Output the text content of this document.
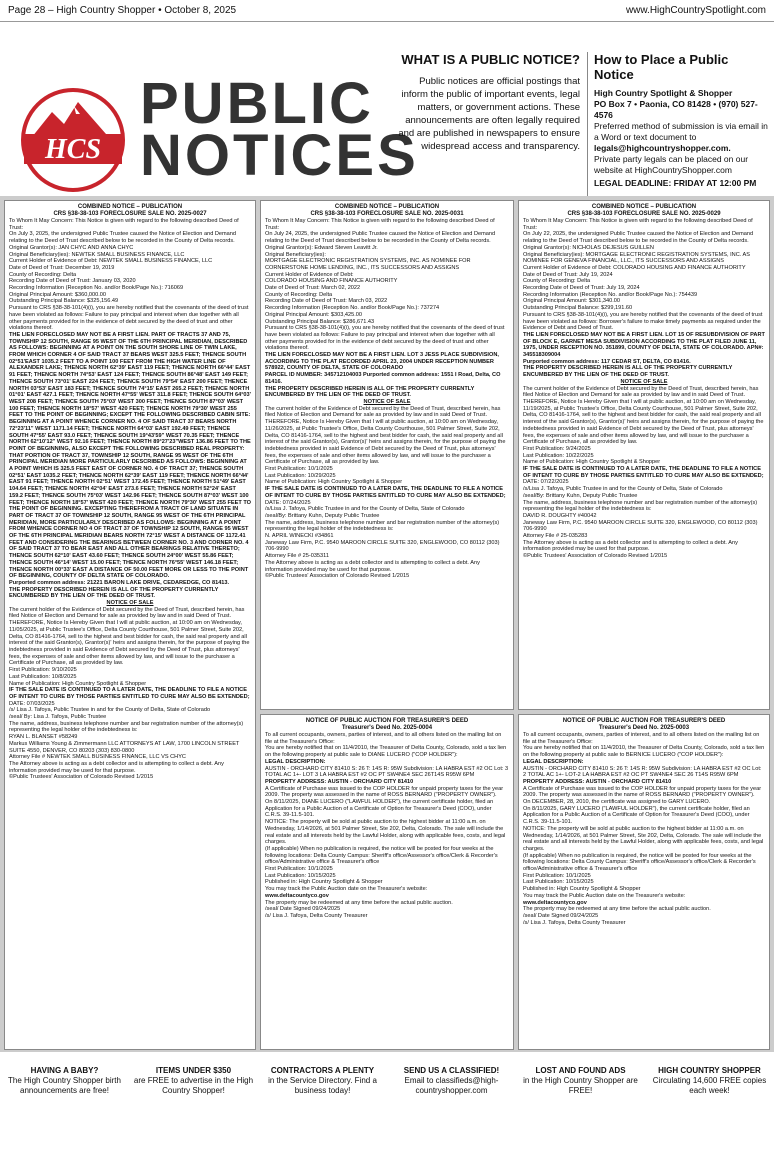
Page 28 – High Country Shopper • October 8, 2025	www.HighCountrySpotlight.com
HCS
PUBLIC
NOTICES
WHAT IS A PUBLIC NOTICE?

Public notices are official postings that inform the public of important events, legal matters, or government actions. These announcements are often legally required and are published in newspapers to ensure widespread access and transparency.

How to Place a Public Notice

High Country Spotlight & Shopper

PO Box 7 • Paonia, CO 81428 • (970) 527-4576

Preferred method of submission is via email in a Word or text document to

legals@highcountryshopper.com.

Private party legals can be placed on our website at HighCountryShopper.com

LEGAL DEADLINE: FRIDAY AT 12:00 PM

COMBINED NOTICE – PUBLICATION

CRS §38-38-103 FORECLOSURE SALE NO. 2025-0027

To Whom It May Concern: This Notice is given with regard to the following described Deed of Trust:

On July 3, 2025, the undersigned Public Trustee caused the Notice of Election and Demand relating to the Deed of Trust described below to be recorded in the County of Delta records.

Original Grantor(s): JAN CHYC AND ANNA CHYC

Original Beneficiary(ies): NEWTEK SMALL BUSINESS FINANCE, LLC

Current Holder of Evidence of Debt: NEWTEK SMALL BUSINESS FINANCE, LLC

Date of Deed of Trust: December 19, 2019

County of Recording: Delta

Recording Date of Deed of Trust: January 03, 2020

Recording Information (Reception No. and/or Book/Page No.): 716069

Original Principal Amount: $360,000.00

Outstanding Principal Balance: $325,156.49

Pursuant to CRS §38-38-101(4)(i), you are hereby notified that the covenants of the deed of trust have been violated as follows: Failure to pay principal and interest when due together with all other payments provided for in the evidence of debt secured by the deed of trust and other violations thereof.

THE LIEN FORECLOSED MAY NOT BE A FIRST LIEN. PART OF TRACTS 37 AND 75, TOWNSHIP 12 SOUTH, RANGE 95 WEST OF THE 6TH PRINCIPAL MERIDIAN, DESCRIBED AS FOLLOWS: BEGINNING AT A POINT ON THE SOUTH SHORE LINE OF TWIN LAKE, FROM WHICH CORNER 4 OF SAID TRACT 37 BEARS WEST 325.5 FEET; THENCE SOUTH 02°51'EAST 1035.2 FEET TO A POINT 100 FEET FROM THE HIGH WATER LINE OF ALEXANDER LAKE; THENCE NORTH 62°39' EAST 119 FEET; THENCE NORTH 66°44' EAST 91 FEET; THENCE NORTH 74°53' EAST 124 FEET; THENCE SOUTH 86°48' EAST 149 FEET; THENCE SOUTH 73°01' EAST 224 FEET; THENCE SOUTH 79°54' EAST 200 FEET; THENCE NORTH 03°53' EAST 183 FEET; THENCE SOUTH 74°15' EAST 265.2 FEET; THENCE NORTH 01°01' EAST 427.1 FEET; THENCE NORTH 47°55' WEST 311.8 FEET; THENCE SOUTH 64°03' WEST 208 FEET; THENCE SOUTH 75°03' WEST 300 FEET; THENCE SOUTH 87°03' WEST 100 FEET; THENCE NORTH 18°57' WEST 420 FEET; THENCE NORTH 79°30' WEST 255 FEET TO THE POINT OF BEGINNING; EXCEPT THE FOLLOWING DESCRIBED CABIN SITE: BEGINNING AT A POINT WHENCE CORNER NO. 4 OF SAID TRACT 37 BEARS NORTH 72°23'11" WEST 1171.14 FEET; THENCE NORTH 64°03' EAST 192.49 FEET; THENCE SOUTH 47°55' EAST 93.0 FEET; THENCE SOUTH 19°43'59" WEST 70.35 FEET; THENCE NORTH 62°10'12" WEST 92.16 FEET; THENCE NORTH 89°27'23"WEST 136.86 FEET TO THE POINT OF BEGINNING, ALSO EXCEPT THE FOLLOWING DESCRIBED REAL PROPERTY: THAT PORTION OF TRACT 37, TOWNSHIP 12 SOUTH, RANGE 95 WEST OF THE 6TH PRINCIPAL MERIDIAN MORE PARTICULARLY DESCRIBED AS FOLLOWS: BEGINNING AT A POINT WHICH IS 325.5 FEET EAST OF CORNER NO. 4 OF TRACT 37; THENCE SOUTH 02°51' EAST 1035.2 FEET; THENCE NORTH 62°39' EAST 119 FEET; THENCE NORTH 66°44' EAST 91 FEET; THENCE NORTH 02°51' WEST 172.45 FEET; THENCE NORTH 51°49' EAST 104.64 FEET; THENCE NORTH 42°04' EAST 273.6 FEET; THENCE NORTH 52°24' EAST 159.2 FEET; THENCE SOUTH 75°03' WEST 142.96 FEET; THENCE SOUTH 87°03' WEST 100 FEET; THENCE NORTH 18°57' WEST 420 FEET; THENCE NORTH 79°30' WEST 255 FEET TO THE POINT OF BEGINNING. EXCEPTING THEREFROM A TRACT OF LAND SITUATE IN PART OF TRACT 37 OF TOWNSHIP 12 SOUTH, RANGE 95 WEST OF THE 6TH PRINCIPAL MERIDIAN, MORE PARTICULARLY DESCRIBED AS FOLLOWS: BEGINNING AT A POINT FROM WHENCE CORNER NO 4 OF TRACT 37 OF TOWNSHIP 12 SOUTH, RANGE 95 WEST OF THE 6TH PRINCIPAL MERIDIAN BEARS NORTH 72°15' WEST A DISTANCE OF 1172.41 FEET AND CONSIDERING THE BEARINGS BETWEEN CORNER NO. 3 AND CORNER NO. 4 OF SAID TRACT 37 TO BEAR EAST AND ALL OTHER BEARINGS RELATIVE THERETO; THENCE SOUTH 62°10' EAST 43.60 FEET; THENCE SOUTH 24°00' WEST 55.86 FEET; THENCE SOUTH 46°14' WEST 15.00 FEET; THENCE NORTH 76°55' WEST 146.18 FEET; THENCE NORTH 00°33' EAST A DISTANCE OF 50.00 FEET MORE OR LESS TO THE POINT OF BEGINNING, COUNTY OF DELTA STATE OF COLORADO.

Purported common address: 21221 BARON LAKE DRIVE, CEDAREDGE, CO 81413.

THE PROPERTY DESCRIBED HEREIN IS ALL OF THE PROPERTY CURRENTLY ENCUMBERED BY THE LIEN OF THE DEED OF TRUST.

NOTICE OF SALE

The current holder of the Evidence of Debt secured by the Deed of Trust, described herein, has filed Notice of Election and Demand for sale as provided by law and in said Deed of Trust.

THEREFORE, Notice Is Hereby Given that I will at public auction, at 10:00 am on Wednesday, 11/05/2025, at Public Trustee's Office, Delta County Courthouse, 501 Palmer Street, Suite 202, Delta, CO 81416-1764, sell to the highest and best bidder for cash, the said real property and all interest of the said Grantor(s), Grantor(s)' heirs and assigns therein, for the purpose of paying the indebtedness provided in said Evidence of Debt secured by the Deed of Trust, plus attorneys' fees, the expenses of sale and other items allowed by law, and will issue to the purchaser a Certificate of Purchase, all as provided by law.

First Publication: 9/10/2025

Last Publication: 10/8/2025

Name of Publication: High Country Spotlight & Shopper

IF THE SALE DATE IS CONTINUED TO A LATER DATE, THE DEADLINE TO FILE A NOTICE OF INTENT TO CURE BY THOSE PARTIES ENTITLED TO CURE MAY ALSO BE EXTENDED;

DATE: 07/03/2025

/s/ Lisa J. Tafoya, Public Trustee in and for the County of Delta, State of Colorado

/seal/ By: Lisa J. Tafoya, Public Trustee

The name, address, business telephone number and bar registration number of the attorney(s) representing the legal holder of the indebtedness is:

RYAN L. BLANSET #58249

Markus Williams Young & Zimmermann LLC ATTORNEYS AT LAW, 1700 LINCOLN STREET SUITE 4550, DENVER, CO 80203 (303) 830-0800

Attorney File # NEWTEK SMALL BUSINESS FINANCE, LLC VS CHYC

The Attorney above is acting as a debt collector and is attempting to collect a debt. Any information provided may be used for that purpose.

©Public Trustees' Association of Colorado Revised 1/2015

COMBINED NOTICE – PUBLICATION

CRS §38-38-103 FORECLOSURE SALE NO. 2025-0031

To Whom It May Concern: This Notice is given with regard to the following described Deed of Trust:

On July 24, 2025, the undersigned Public Trustee caused the Notice of Election and Demand relating to the Deed of Trust described below to be recorded in the County of Delta records.

Original Grantor(s): Edward Steven Leavitt Jr.

Original Beneficiary(ies):

MORTGAGE ELECTRONIC REGISTRATION SYSTEMS, INC. AS NOMINEE FOR CORNERSTONE HOME LENDING, INC., ITS SUCCESSORS AND ASSIGNS

Current Holder of Evidence of Debt:

COLORADO HOUSING AND FINANCE AUTHORITY

Date of Deed of Trust: March 02, 2022

County of Recording: Delta

Recording Date of Deed of Trust: March 03, 2022

Recording Information (Reception No. and/or Book/Page No.): 737274

Original Principal Amount: $303,425.00

Outstanding Principal Balance: $286,671.43

Pursuant to CRS §38-38-101(4)(i), you are hereby notified that the covenants of the deed of trust have been violated as follows: Failure to pay principal and interest when due together with all other payments provided for in the evidence of debt secured by the deed of trust and other violations thereof.

THE LIEN FORECLOSED MAY NOT BE A FIRST LIEN. LOT 3 JESS PLACE SUBDIVISION, ACCORDING TO THE PLAT RECORDED APRIL 23, 2004 UNDER RECEPTION NUMBER 578922, COUNTY OF DELTA, STATE OF COLORADO

PARCEL ID NUMBER: 345712104003 Purported common address: 1551 I Road, Delta, CO 81416.

THE PROPERTY DESCRIBED HEREIN IS ALL OF THE PROPERTY CURRENTLY ENCUMBERED BY THE LIEN OF THE DEED OF TRUST.

NOTICE OF SALE

The current holder of the Evidence of Debt secured by the Deed of Trust, described herein, has filed Notice of Election and Demand for sale as provided by law and in said Deed of Trust.

THEREFORE, Notice Is Hereby Given that I will at public auction, at 10:00 am on Wednesday, 11/26/2025, at Public Trustee's Office, Delta County Courthouse, 501 Palmer Street, Suite 202, Delta, CO 81416-1764, sell to the highest and best bidder for cash, the said real property and all interest of the said Grantor(s), Grantor(s)' heirs and assigns therein, for the purpose of paying the indebtedness provided in said Evidence of Debt secured by the Deed of Trust, plus attorneys' fees, the expenses of sale and other items allowed by law, and will issue to the purchaser a Certificate of Purchase, all as provided by law.

First Publication: 10/1/2025

Last Publication: 10/29/2025

Name of Publication: High Country Spotlight & Shopper

IF THE SALE DATE IS CONTINUED TO A LATER DATE, THE DEADLINE TO FILE A NOTICE OF INTENT TO CURE BY THOSE PARTIES ENTITLED TO CURE MAY ALSO BE EXTENDED;

DATE: 07/24/2025

/s/Lisa J. Tafoya, Public Trustee in and for the County of Delta, State of Colorado

/seal/By: Brittany Kuhn, Deputy Public Trustee

The name, address, business telephone number and bar registration number of the attorney(s) representing the legal holder of the indebtedness is:

N. APRIL WINECKI #34861

Janeway Law Firm, P.C. 9540 MAROON CIRCLE SUITE 320, ENGLEWOOD, CO 80112 (303) 706-9990

Attorney File # 25-035311

The Attorney above is acting as a debt collector and is attempting to collect a debt. Any information provided may be used for that purpose.

©Public Trustees' Association of Colorado Revised 1/2015

COMBINED NOTICE – PUBLICATION

CRS §38-38-103 FORECLOSURE SALE NO. 2025-0029

To Whom It May Concern: This Notice is given with regard to the following described Deed of Trust:

On July 22, 2025, the undersigned Public Trustee caused the Notice of Election and Demand relating to the Deed of Trust described below to be recorded in the County of Delta records.

Original Grantor(s): NICHOLAS DEJESUS GUILLEN

Original Beneficiary(ies): MORTGAGE ELECTRONIC REGISTRATION SYSTEMS, INC. AS NOMINEE FOR GENEVA FINANCIAL, LLC., ITS SUCCESSORS AND ASSIGNS

Current Holder of Evidence of Debt: COLORADO HOUSING AND FINANCE AUTHORITY

Date of Deed of Trust: July 19, 2024

County of Recording: Delta

Recording Date of Deed of Trust: July 19, 2024

Recording Information (Reception No. and/or Book/Page No.): 754439

Original Principal Amount: $301,340.00

Outstanding Principal Balance: $299,191.60

Pursuant to CRS §38-38-101(4)(i), you are hereby notified that the covenants of the deed of trust have been violated as follows: Borrower's failure to make timely payments as required under the Evidence of Debt and Deed of Trust.

THE LIEN FORECLOSED MAY NOT BE A FIRST LIEN. LOT 15 OF RESUBDIVISION OF PART OF BLOCK E, GARNET MESA SUBDIVISION ACCORDING TO THE PLAT FILED JUNE 11, 1975, UNDER RECEPTION NO. 351899, COUNTY OF DELTA, STATE OF COLORADO. APN#: 345518309004

Purported common address: 117 CEDAR ST, DELTA, CO 81416.

THE PROPERTY DESCRIBED HEREIN IS ALL OF THE PROPERTY CURRENTLY ENCUMBERED BY THE LIEN OF THE DEED OF TRUST.

NOTICE OF SALE

The current holder of the Evidence of Debt secured by the Deed of Trust, described herein, has filed Notice of Election and Demand for sale as provided by law and in said Deed of Trust.

THEREFORE, Notice Is Hereby Given that I will at public auction, at 10:00 am on Wednesday, 11/19/2025, at Public Trustee's Office, Delta County Courthouse, 501 Palmer Street, Suite 202, Delta, CO 81416-1764, sell to the highest and best bidder for cash, the said real property and all interest of the said Grantor(s), Grantor(s)' heirs and assigns therein, for the purpose of paying the indebtedness provided in said Evidence of Debt secured by the Deed of Trust, plus attorneys' fees, the expenses of sale and other items allowed by law, and will issue to the purchaser a Certificate of Purchase, all as provided by law.

First Publication: 9/24/2025

Last Publication: 10/22/2025

Name of Publication: High Country Spotlight & Shopper

IF THE SALE DATE IS CONTINUED TO A LATER DATE, THE DEADLINE TO FILE A NOTICE OF INTENT TO CURE BY THOSE PARTIES ENTITLED TO CURE MAY ALSO BE EXTENDED;

DATE: 07/22/2025

/s/Lisa J. Tafoya, Public Trustee in and for the County of Delta, State of Colorado

/seal/By: Brittany Kuhn, Deputy Public Trustee

The name, address, business telephone number and bar registration number of the attorney(s) representing the legal holder of the indebtedness is:

DAVID R. DOUGHTY #40042

Janeway Law Firm, P.C. 9540 MAROON CIRCLE SUITE 320, ENGLEWOOD, CO 80112 (303) 706-9990

Attorney File # 25-035283

The Attorney above is acting as a debt collector and is attempting to collect a debt. Any information provided may be used for that purpose.

©Public Trustees' Association of Colorado Revised 1/2015

NOTICE OF PUBLIC AUCTION FOR TREASURER'S DEED

Treasurer's Deed No. 2025-0004

To all current occupants, owners, parties of interest, and to all others listed on the mailing list on file at the Treasurer's Office:

You are hereby notified that on 11/4/2010, the Treasurer of Delta County, Colorado, sold a tax lien on the following property at public sale to DIANE LUCERO ("COP HOLDER"):

LEGAL DESCRIPTION:

AUSTIN - ORCHARD CITY 81410 S: 26 T: 14S R: 95W Subdivision: LA HABRA EST #2 OC Lot: 3 TOTAL AC 1+- LOT 3 LA HABRA EST #2 OC PT SW4NE4 SEC 26T14S R95W 6PM

PROPERTY ADDRESS: AUSTIN - ORCHARD CITY 81410

A Certificate of Purchase was issued to the COP HOLDER for unpaid property taxes for the year 2009. The property was assessed in the name of ROSS BERNARD ("PROPERTY OWNER").

On 8/11/2025, DIANE LUCERO ("LAWFUL HOLDER"), the current certificate holder, filed an Application for a Public Auction of a Certificate of Option for Treasurer's Deed (COO), under C.R.S. 39-11.5-101.

NOTICE: The property will be sold at public auction to the highest bidder at 11:00 a.m. on Wednesday, 1/14/2026, at 501 Palmer Street, Ste 202, Delta, Colorado. The sale will include the real estate and all interests held by the Lawful Holder, along with applicable fees, costs, and legal charges.

(If applicable) When no publication is required, the notice will be posted for four weeks at the following locations: Delta County Campus: Sheriff's office/Assessor's office/Clerk & Recorder's office/Administrative office & Treasurer's office

First Publication: 10/1/2025

Last Publication: 10/15/2025

Published in: High Country Spotlight & Shopper

You may track the Public Auction date on the Treasurer's website:

www.deltacountyco.gov

The property may be redeemed at any time before the actual public auction.

/seal/ Date Signed 09/24/2025

/s/ Lisa J. Tafoya, Delta County Treasurer

NOTICE OF PUBLIC AUCTION FOR TREASURER'S DEED

Treasurer's Deed No. 2025-0003

To all current occupants, owners, parties of interest, and to all others listed on the mailing list on file at the Treasurer's Office:

You are hereby notified that on 11/4/2010, the Treasurer of Delta County, Colorado, sold a tax lien on the following property at public sale to BERNICE LUCERO ("COP HOLDER"):

LEGAL DESCRIPTION:

AUSTIN - ORCHARD CITY 81410 S: 26 T: 14S R: 95W Subdivision: LA HABRA EST #2 OC Lot: 2 TOTAL AC 1+- LOT-2 LA HABRA EST #2 OC PT SW4NE4 SEC 26 T14S R95W 6PM

PROPERTY ADDRESS: AUSTIN - ORCHARD CITY 81410

A Certificate of Purchase was issued to the COP HOLDER for unpaid property taxes for the year 2009. The property was assessed in the name of ROSS BERNARD ("PROPERTY OWNER").

On DECEMBER, 28, 2010, the certificate was assigned to GARY LUCERO.

On 8/11/2025, GARY LUCERO ("LAWFUL HOLDER"), the current certificate holder, filed an Application for a Public Auction of a Certificate of Option for Treasurer's Deed (COO), under C.R.S. 39-11.5-101.

NOTICE: The property will be sold at public auction to the highest bidder at 11:00 a.m. on Wednesday, 1/14/2026, at 501 Palmer Street, Ste 202, Delta, Colorado. The sale will include the real estate and all interests held by the Lawful Holder, along with applicable fees, costs, and legal charges.

(If applicable) When no publication is required, the notice will be posted for four weeks at the following locations: Delta County Campus: Sheriff's office/Assessor's office/Clerk & Recorder's office/Administrative office & Treasurer's office

First Publication: 10/1/2025

Last Publication: 10/15/2025

Published in: High Country Spotlight & Shopper

You may track the Public Auction date on the Treasurer's website:

www.deltacountyco.gov

The property may be redeemed at any time before the actual public auction.

/seal/ Date Signed 09/24/2025

/s/ Lisa J. Tafoya, Delta County Treasurer

HAVING A BABY?
The High Country Shopper birth announcements are free!
ITEMS UNDER $350
are FREE to advertise in the High Country Shopper!
CONTRACTORS A PLENTY
in the Service Directory. Find a business today!
SEND US A CLASSIFIED!
Email to classifieds@high-countryshopper.com
LOST AND FOUND ADS
in the High Country Shopper are FREE!
HIGH COUNTRY SHOPPER
Circulating 14,600 FREE copies each week!
